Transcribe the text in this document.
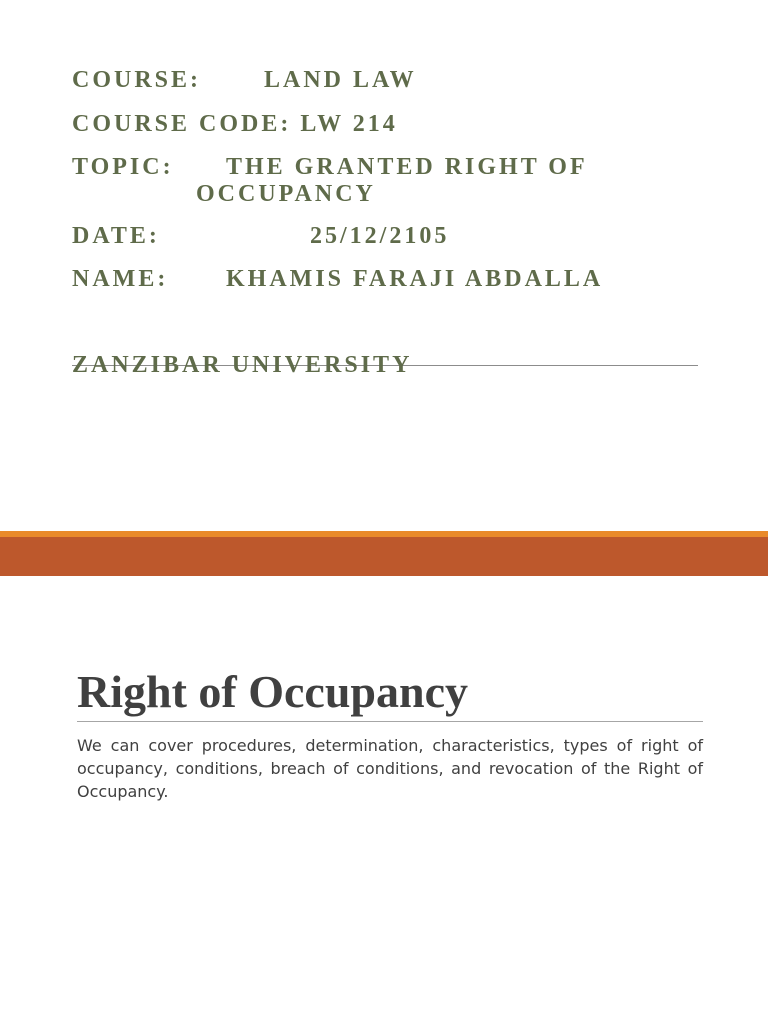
COURSE:	LAND LAW
COURSE CODE: LW 214
TOPIC: THE GRANTED RIGHT OF
OCCUPANCY
DATE:	25/12/2105
NAME: KHAMIS FARAJI ABDALLA
ZANZIBAR UNIVERSITY
Right of Occupancy
We can cover procedures, determination, characteristics, types of right of occupancy, conditions, breach of conditions, and revocation of the Right of Occupancy.
